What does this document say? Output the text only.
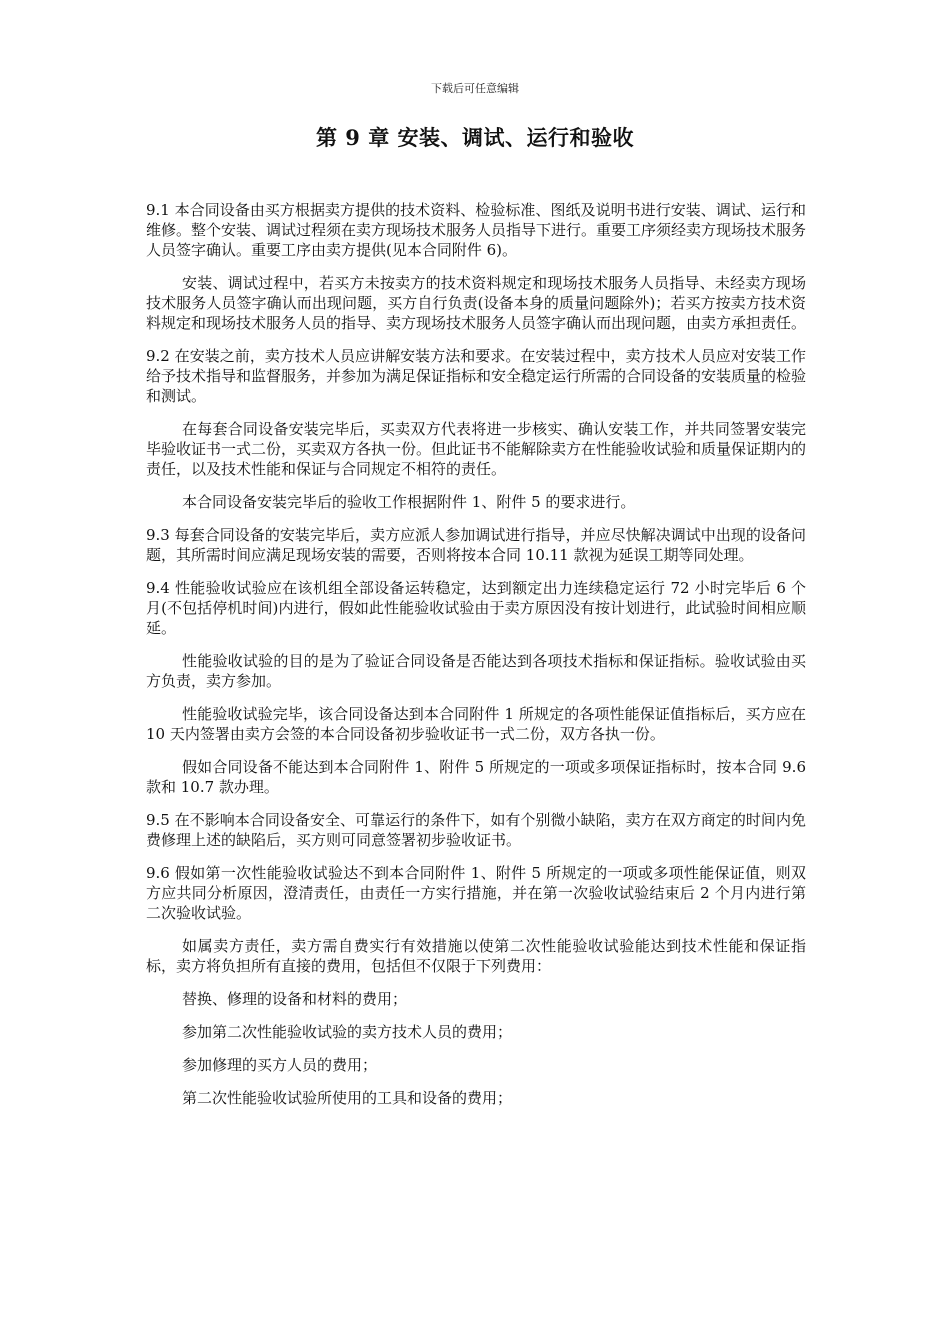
下载后可任意编辑
第 9 章 安装、调试、运行和验收

9.1 本合同设备由买方根据卖方提供的技术资料、检验标准、图纸及说明书进行安装、调试、运行和维修。整个安装、调试过程须在卖方现场技术服务人员指导下进行。重要工序须经卖方现场技术服务人员签字确认。重要工序由卖方提供(见本合同附件 6)。

安装、调试过程中，若买方未按卖方的技术资料规定和现场技术服务人员指导、未经卖方现场技术服务人员签字确认而出现问题，买方自行负责(设备本身的质量问题除外)；若买方按卖方技术资料规定和现场技术服务人员的指导、卖方现场技术服务人员签字确认而出现问题，由卖方承担责任。

9.2 在安装之前，卖方技术人员应讲解安装方法和要求。在安装过程中，卖方技术人员应对安装工作给予技术指导和监督服务，并参加为满足保证指标和安全稳定运行所需的合同设备的安装质量的检验和测试。

在每套合同设备安装完毕后，买卖双方代表将进一步核实、确认安装工作，并共同签署安装完毕验收证书一式二份，买卖双方各执一份。但此证书不能解除卖方在性能验收试验和质量保证期内的责任，以及技术性能和保证与合同规定不相符的责任。

本合同设备安装完毕后的验收工作根据附件 1、附件 5 的要求进行。

9.3 每套合同设备的安装完毕后，卖方应派人参加调试进行指导，并应尽快解决调试中出现的设备问题，其所需时间应满足现场安装的需要，否则将按本合同 10.11 款视为延误工期等同处理。

9.4 性能验收试验应在该机组全部设备运转稳定，达到额定出力连续稳定运行 72 小时完毕后 6 个月(不包括停机时间)内进行，假如此性能验收试验由于卖方原因没有按计划进行，此试验时间相应顺延。

性能验收试验的目的是为了验证合同设备是否能达到各项技术指标和保证指标。验收试验由买方负责，卖方参加。

性能验收试验完毕，该合同设备达到本合同附件 1 所规定的各项性能保证值指标后，买方应在 10 天内签署由卖方会签的本合同设备初步验收证书一式二份，双方各执一份。

假如合同设备不能达到本合同附件 1、附件 5 所规定的一项或多项保证指标时，按本合同 9.6 款和 10.7 款办理。

9.5 在不影响本合同设备安全、可靠运行的条件下，如有个别微小缺陷，卖方在双方商定的时间内免费修理上述的缺陷后，买方则可同意签署初步验收证书。

9.6 假如第一次性能验收试验达不到本合同附件 1、附件 5 所规定的一项或多项性能保证值，则双方应共同分析原因，澄清责任，由责任一方实行措施，并在第一次验收试验结束后 2 个月内进行第二次验收试验。

如属卖方责任，卖方需自费实行有效措施以使第二次性能验收试验能达到技术性能和保证指标，卖方将负担所有直接的费用，包括但不仅限于下列费用：

替换、修理的设备和材料的费用；

参加第二次性能验收试验的卖方技术人员的费用；

参加修理的买方人员的费用；

第二次性能验收试验所使用的工具和设备的费用；
